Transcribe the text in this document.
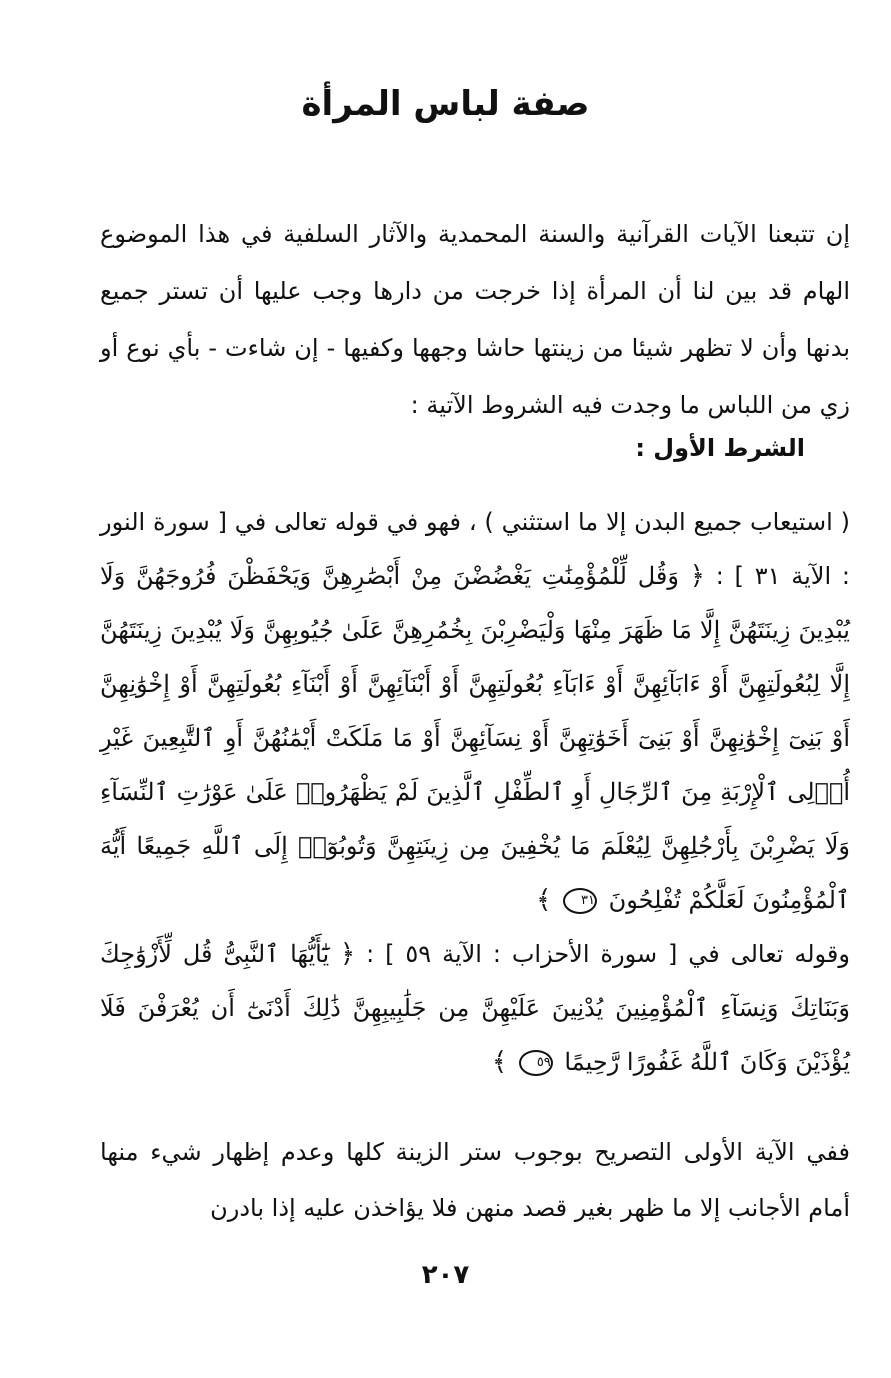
صفة لباس المرأة
إن تتبعنا الآيات القرآنية والسنة المحمدية والآثار السلفية في هذا الموضوع الهام قد بين لنا أن المرأة إذا خرجت من دارها وجب عليها أن تستر جميع بدنها وأن لا تظهر شيئا من زينتها حاشا وجهها وكفيها - إن شاءت - بأي نوع أو زي من اللباس ما وجدت فيه الشروط الآتية :
الشرط الأول :
( استيعاب جميع البدن إلا ما استثني ) ، فهو في قوله تعالى في [ سورة النور : الآية ٣١ ] : ﴿ وَقُل لِّلْمُؤْمِنَٰتِ يَغْضُضْنَ مِنْ أَبْصَٰرِهِنَّ وَيَحْفَظْنَ فُرُوجَهُنَّ وَلَا يُبْدِينَ زِينَتَهُنَّ إِلَّا مَا ظَهَرَ مِنْهَا وَلْيَضْرِبْنَ بِخُمُرِهِنَّ عَلَىٰ جُيُوبِهِنَّ وَلَا يُبْدِينَ زِينَتَهُنَّ إِلَّا لِبُعُولَتِهِنَّ أَوْ ءَابَآئِهِنَّ أَوْ ءَابَآءِ بُعُولَتِهِنَّ أَوْ أَبْنَآئِهِنَّ أَوْ أَبْنَآءِ بُعُولَتِهِنَّ أَوْ إِخْوَٰنِهِنَّ أَوْ بَنِىٓ إِخْوَٰنِهِنَّ أَوْ بَنِىٓ أَخَوَٰتِهِنَّ أَوْ نِسَآئِهِنَّ أَوْ مَا مَلَكَتْ أَيْمَٰنُهُنَّ أَوِ ٱلتَّٰبِعِينَ غَيْرِ أُو۟لِى ٱلْإِرْبَةِ مِنَ ٱلرِّجَالِ أَوِ ٱلطِّفْلِ ٱلَّذِينَ لَمْ يَظْهَرُوا۟ عَلَىٰ عَوْرَٰتِ ٱلنِّسَآءِ وَلَا يَضْرِبْنَ بِأَرْجُلِهِنَّ لِيُعْلَمَ مَا يُخْفِينَ مِن زِينَتِهِنَّ وَتُوبُوٓا۟ إِلَى ٱللَّهِ جَمِيعًا أَيُّهَ ٱلْمُؤْمِنُونَ لَعَلَّكُمْ تُفْلِحُونَ ٣١ ﴾
وقوله تعالى في [ سورة الأحزاب : الآية ٥٩ ] : ﴿ يَٰٓأَيُّهَا ٱلنَّبِىُّ قُل لِّأَزْوَٰجِكَ وَبَنَاتِكَ وَنِسَآءِ ٱلْمُؤْمِنِينَ يُدْنِينَ عَلَيْهِنَّ مِن جَلَٰبِيبِهِنَّ ذَٰلِكَ أَدْنَىٰٓ أَن يُعْرَفْنَ فَلَا يُؤْذَيْنَ وَكَانَ ٱللَّهُ غَفُورًا رَّحِيمًا ٥٩ ﴾
ففي الآية الأولى التصريح بوجوب ستر الزينة كلها وعدم إظهار شيء منها أمام الأجانب إلا ما ظهر بغير قصد منهن فلا يؤاخذن عليه إذا بادرن
٢٠٧
